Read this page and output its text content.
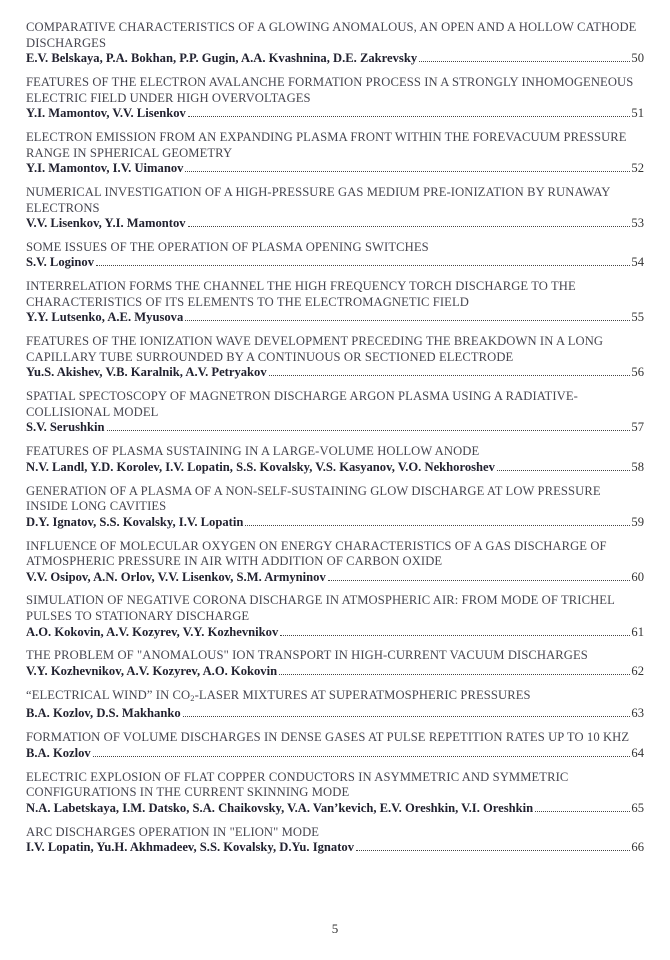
COMPARATIVE CHARACTERISTICS OF A GLOWING ANOMALOUS, AN OPEN AND A HOLLOW CATHODE DISCHARGES
E.V. Belskaya, P.A. Bokhan, P.P. Gugin, A.A. Kvashnina, D.E. Zakrevsky	50
FEATURES OF THE ELECTRON AVALANCHE FORMATION PROCESS IN A STRONGLY INHOMOGENEOUS ELECTRIC FIELD UNDER HIGH OVERVOLTAGES
Y.I. Mamontov, V.V. Lisenkov	51
ELECTRON EMISSION FROM AN EXPANDING PLASMA FRONT WITHIN THE FOREVACUUM PRESSURE RANGE IN SPHERICAL GEOMETRY
Y.I. Mamontov, I.V. Uimanov	52
NUMERICAL INVESTIGATION OF A HIGH-PRESSURE GAS MEDIUM PRE-IONIZATION BY RUNAWAY ELECTRONS
V.V. Lisenkov, Y.I. Mamontov	53
SOME ISSUES OF THE OPERATION OF PLASMA OPENING SWITCHES
S.V. Loginov	54
INTERRELATION FORMS THE CHANNEL THE HIGH FREQUENCY TORCH DISCHARGE TO THE CHARACTERISTICS OF ITS ELEMENTS TO THE ELECTROMAGNETIC FIELD
Y.Y. Lutsenko, A.E. Myusova	55
FEATURES OF THE IONIZATION WAVE DEVELOPMENT PRECEDING THE BREAKDOWN IN A LONG CAPILLARY TUBE SURROUNDED BY A CONTINUOUS OR SECTIONED ELECTRODE
Yu.S. Akishev, V.B. Karalnik, A.V. Petryakov	56
SPATIAL SPECTOSCOPY OF MAGNETRON DISCHARGE ARGON PLASMA USING A RADIATIVE-COLLISIONAL MODEL
S.V. Serushkin	57
FEATURES OF PLASMA SUSTAINING IN A LARGE-VOLUME HOLLOW ANODE
N.V. Landl, Y.D. Korolev, I.V. Lopatin, S.S. Kovalsky, V.S. Kasyanov, V.O. Nekhoroshev	58
GENERATION OF A PLASMA OF A NON-SELF-SUSTAINING GLOW DISCHARGE AT LOW PRESSURE INSIDE LONG CAVITIES
D.Y. Ignatov, S.S. Kovalsky, I.V. Lopatin	59
INFLUENCE OF MOLECULAR OXYGEN ON ENERGY CHARACTERISTICS OF A GAS DISCHARGE OF ATMOSPHERIC PRESSURE IN AIR WITH ADDITION OF CARBON OXIDE
V.V. Osipov, A.N. Orlov, V.V. Lisenkov, S.M. Armyninov	60
SIMULATION OF NEGATIVE CORONA DISCHARGE IN ATMOSPHERIC AIR: FROM MODE OF TRICHEL PULSES TO STATIONARY DISCHARGE
A.O. Kokovin, A.V. Kozyrev, V.Y. Kozhevnikov	61
THE PROBLEM OF "ANOMALOUS" ION TRANSPORT IN HIGH-CURRENT VACUUM DISCHARGES
V.Y. Kozhevnikov, A.V. Kozyrev, A.O. Kokovin	62
“ELECTRICAL WIND” IN $CO_2$-LASER MIXTURES AT SUPERATMOSPHERIC PRESSURES
B.A. Kozlov, D.S. Makhanko	63
FORMATION OF VOLUME DISCHARGES IN DENSE GASES AT PULSE REPETITION RATES UP TO 10 KHZ
B.A. Kozlov	64
ELECTRIC EXPLOSION OF FLAT COPPER CONDUCTORS IN ASYMMETRIC AND SYMMETRIC CONFIGURATIONS IN THE CURRENT SKINNING MODE
N.A. Labetskaya, I.M. Datsko, S.A. Chaikovsky, V.A. Van’kevich, E.V. Oreshkin, V.I. Oreshkin	65
ARC DISCHARGES OPERATION IN "ELION" MODE
I.V. Lopatin, Yu.H. Akhmadeev, S.S. Kovalsky, D.Yu. Ignatov	66
5
